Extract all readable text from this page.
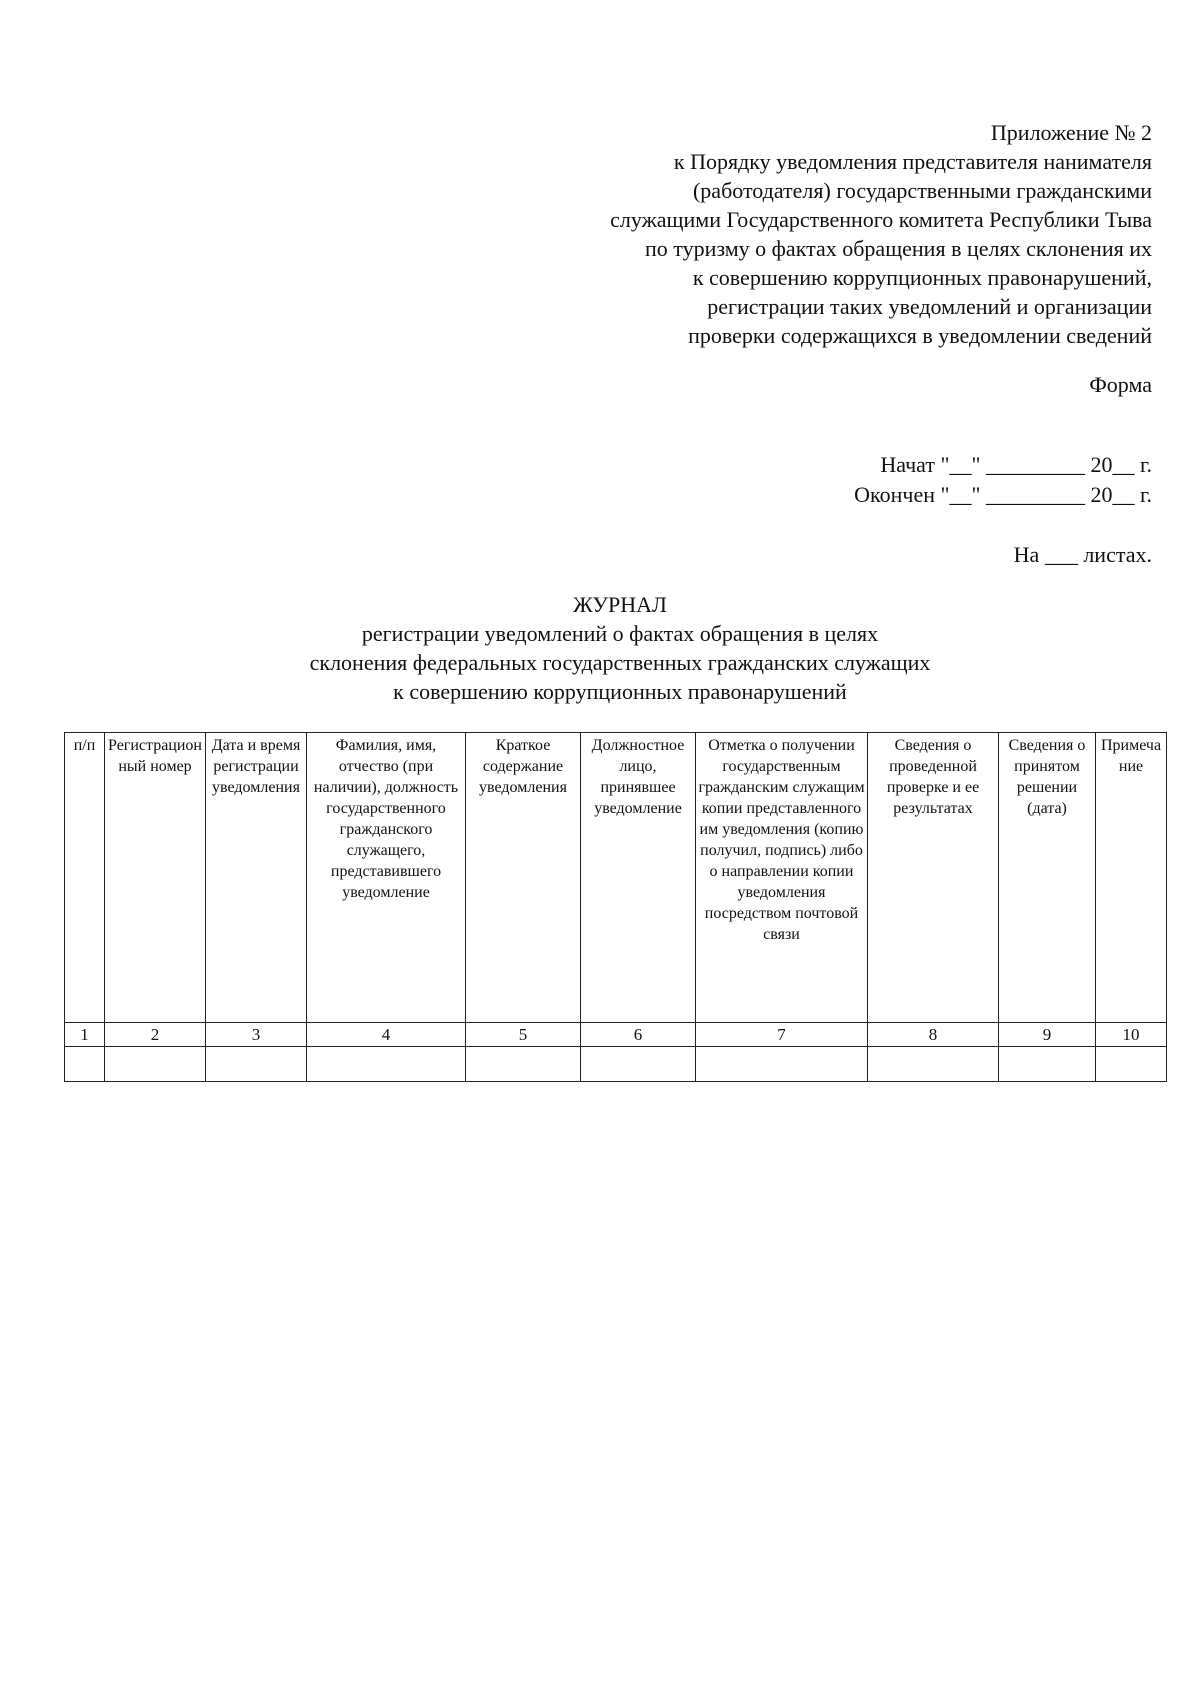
Приложение № 2
к Порядку уведомления представителя нанимателя
(работодателя) государственными гражданскими
служащими Государственного комитета Республики Тыва
по туризму о фактах обращения в целях склонения их
к совершению коррупционных правонарушений,
регистрации таких уведомлений и организации
проверки содержащихся в уведомлении сведений
Форма
Начат "__" _________ 20__ г.
Окончен "__" _________ 20__ г.
На ___ листах.
ЖУРНАЛ
регистрации уведомлений о фактах обращения в целях
склонения федеральных государственных гражданских служащих
к совершению коррупционных правонарушений
п/п	Регистрационный номер	Дата и время регистрации уведомления	Фамилия, имя, отчество (при наличии), должность государственного гражданского служащего, представившего уведомление	Краткое содержание уведомления	Должностное лицо, принявшее уведомление	Отметка о получении государственным гражданским служащим копии представленного им уведомления (копию получил, подпись) либо о направлении копии уведомления посредством почтовой связи	Сведения о проведенной проверке и ее результатах	Сведения о принятом решении (дата)	Примечание
1	2	3	4	5	6	7	8	9	10
